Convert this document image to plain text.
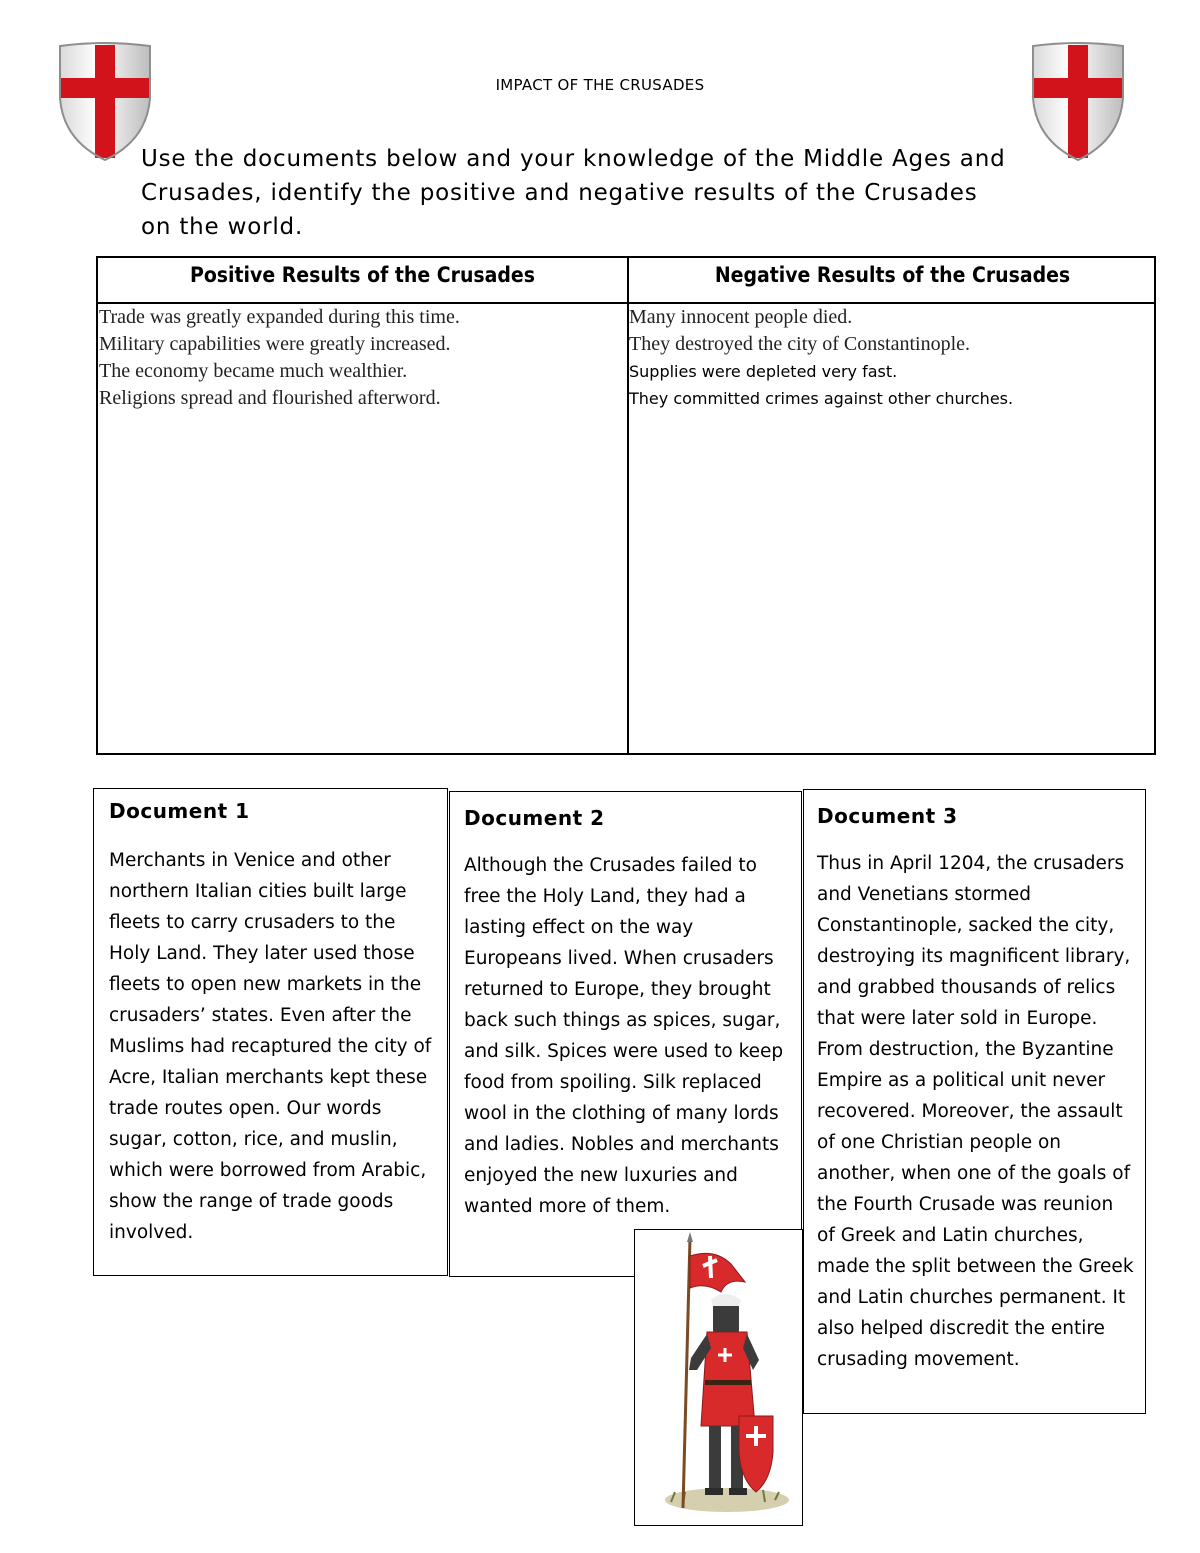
IMPACT OF THE CRUSADES
Use the documents below and your knowledge of the Middle Ages and Crusades, identify the positive and negative results of the Crusades on the world.
Positive Results of the Crusades	Negative Results of the Crusades
Trade was greatly expanded during this time.
Military capabilities were greatly increased.
The economy became much wealthier.
Religions spread and flourished afterword.
Many innocent people died.
They destroyed the city of Constantinople.
Supplies were depleted very fast.
They committed crimes against other churches.
Document 1

Merchants in Venice and other northern Italian cities built large fleets to carry crusaders to the Holy Land. They later used those fleets to open new markets in the crusaders’ states. Even after the Muslims had recaptured the city of Acre, Italian merchants kept these trade routes open. Our words sugar, cotton, rice, and muslin, which were borrowed from Arabic, show the range of trade goods involved.

Document 2

Although the Crusades failed to free the Holy Land, they had a lasting effect on the way Europeans lived. When crusaders returned to Europe, they brought back such things as spices, sugar, and silk. Spices were used to keep food from spoiling. Silk replaced wool in the clothing of many lords and ladies. Nobles and merchants enjoyed the new luxuries and wanted more of them.

Document 3

Thus in April 1204, the crusaders and Venetians stormed Constantinople, sacked the city, destroying its magnificent library, and grabbed thousands of relics that were later sold in Europe. From destruction, the Byzantine Empire as a political unit never recovered. Moreover, the assault of one Christian people on another, when one of the goals of the Fourth Crusade was reunion of Greek and Latin churches, made the split between the Greek and Latin churches permanent. It also helped discredit the entire crusading movement.
